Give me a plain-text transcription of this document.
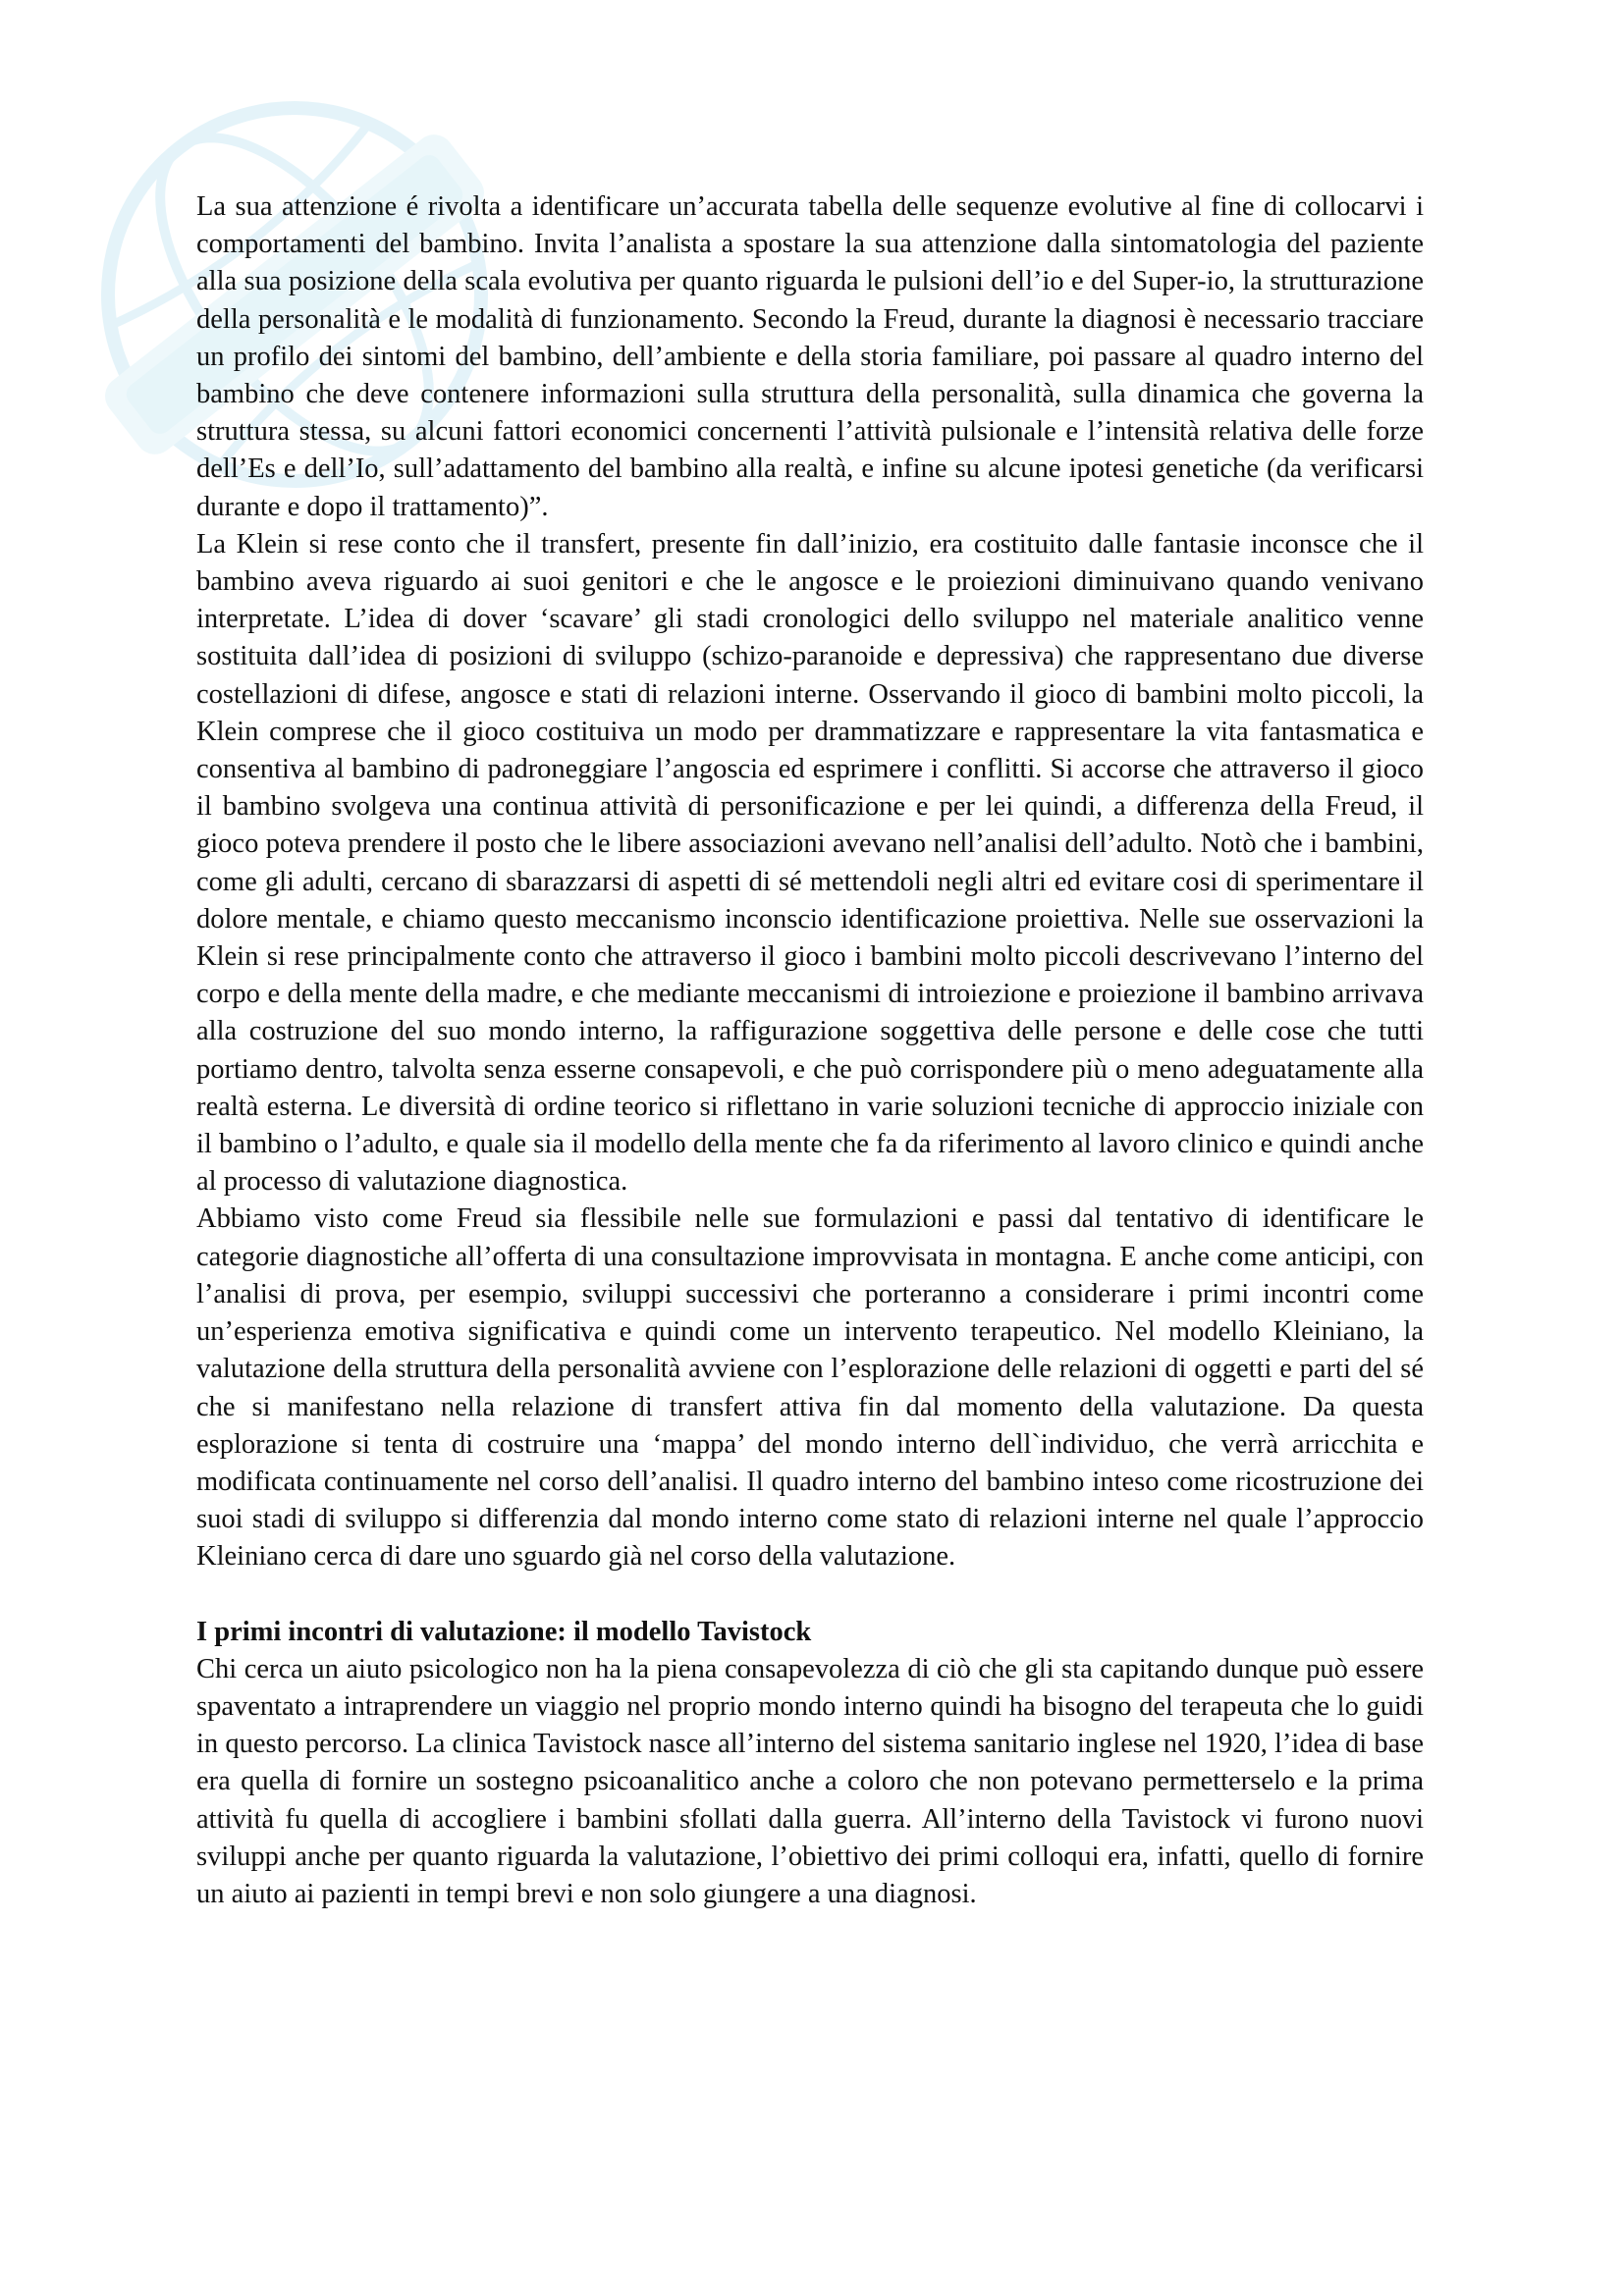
La sua attenzione é rivolta a identificare un’accurata tabella delle sequenze evolutive al fine di collocarvi i comportamenti del bambino. Invita l’analista a spostare la sua attenzione dalla sintomatologia del paziente alla sua posizione della scala evolutiva per quanto riguarda le pulsioni dell’io e del Super-io, la strutturazione della personalità e le modalità di funzionamento. Secondo la Freud, durante la diagnosi è necessario tracciare un profilo dei sintomi del bambino, dell’ambiente e della storia familiare, poi passare al quadro interno del bambino che deve contenere informazioni sulla struttura della personalità, sulla dinamica che governa la struttura stessa, su alcuni fattori economici concernenti l’attività pulsionale e l’intensità relativa delle forze dell’Es e dell’Io, sull’adattamento del bambino alla realtà, e infine su alcune ipotesi genetiche (da verificarsi durante e dopo il trattamento)”.

La Klein si rese conto che il transfert, presente fin dall’inizio, era costituito dalle fantasie inconsce che il bambino aveva riguardo ai suoi genitori e che le angosce e le proiezioni diminuivano quando venivano interpretate. L’idea di dover ‘scavare’ gli stadi cronologici dello sviluppo nel materiale analitico venne sostituita dall’idea di posizioni di sviluppo (schizo-paranoide e depressiva) che rappresentano due diverse costellazioni di difese, angosce e stati di relazioni interne. Osservando il gioco di bambini molto piccoli, la Klein comprese che il gioco costituiva un modo per drammatizzare e rappresentare la vita fantasmatica e consentiva al bambino di padroneggiare l’angoscia ed esprimere i conflitti. Si accorse che attraverso il gioco il bambino svolgeva una continua attività di personificazione e per lei quindi, a differenza della Freud, il gioco poteva prendere il posto che le libere associazioni avevano nell’analisi dell’adulto. Notò che i bambini, come gli adulti, cercano di sbarazzarsi di aspetti di sé mettendoli negli altri ed evitare cosi di sperimentare il dolore mentale, e chiamo questo meccanismo inconscio identificazione proiettiva. Nelle sue osservazioni la Klein si rese principalmente conto che attraverso il gioco i bambini molto piccoli descrivevano l’interno del corpo e della mente della madre, e che mediante meccanismi di introiezione e proiezione il bambino arrivava alla costruzione del suo mondo interno, la raffigurazione soggettiva delle persone e delle cose che tutti portiamo dentro, talvolta senza esserne consapevoli, e che può corrispondere più o meno adeguatamente alla realtà esterna. Le diversità di ordine teorico si riflettano in varie soluzioni tecniche di approccio iniziale con il bambino o l’adulto, e quale sia il modello della mente che fa da riferimento al lavoro clinico e quindi anche al processo di valutazione diagnostica.

Abbiamo visto come Freud sia flessibile nelle sue formulazioni e passi dal tentativo di identificare le categorie diagnostiche all’offerta di una consultazione improvvisata in montagna. E anche come anticipi, con l’analisi di prova, per esempio, sviluppi successivi che porteranno a considerare i primi incontri come un’esperienza emotiva significativa e quindi come un intervento terapeutico. Nel modello Kleiniano, la valutazione della struttura della personalità avviene con l’esplorazione delle relazioni di oggetti e parti del sé che si manifestano nella relazione di transfert attiva fin dal momento della valutazione. Da questa esplorazione si tenta di costruire una ‘mappa’ del mondo interno dell`individuo, che verrà arricchita e modificata continuamente nel corso dell’analisi. Il quadro interno del bambino inteso come ricostruzione dei suoi stadi di sviluppo si differenzia dal mondo interno come stato di relazioni interne nel quale l’approccio Kleiniano cerca di dare uno sguardo già nel corso della valutazione.

I primi incontri di valutazione: il modello Tavistock

Chi cerca un aiuto psicologico non ha la piena consapevolezza di ciò che gli sta capitando dunque può essere spaventato a intraprendere un viaggio nel proprio mondo interno quindi ha bisogno del terapeuta che lo guidi in questo percorso. La clinica Tavistock nasce all’interno del sistema sanitario inglese nel 1920, l’idea di base era quella di fornire un sostegno psicoanalitico anche a coloro che non potevano permetterselo e la prima attività fu quella di accogliere i bambini sfollati dalla guerra. All’interno della Tavistock vi furono nuovi sviluppi anche per quanto riguarda la valutazione, l’obiettivo dei primi colloqui era, infatti, quello di fornire un aiuto ai pazienti in tempi brevi e non solo giungere a una diagnosi.
